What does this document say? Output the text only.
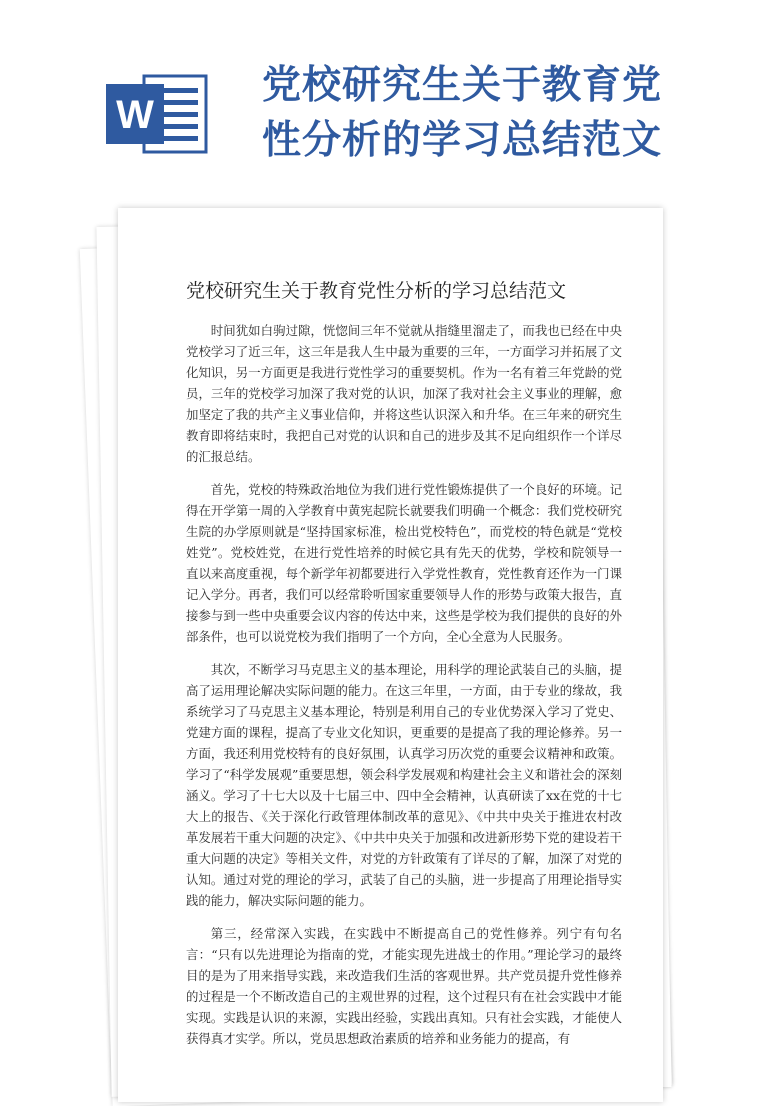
W
党校研究生关于教育党
性分析的学习总结范文
党校研究生关于教育党性分析的学习总结范文

时间犹如白驹过隙，恍惚间三年不觉就从指缝里溜走了，而我也已经在中央党校学习了近三年，这三年是我人生中最为重要的三年，一方面学习并拓展了文化知识，另一方面更是我进行党性学习的重要契机。作为一名有着三年党龄的党员，三年的党校学习加深了我对党的认识，加深了我对社会主义事业的理解，愈加坚定了我的共产主义事业信仰，并将这些认识深入和升华。在三年来的研究生教育即将结束时，我把自己对党的认识和自己的进步及其不足向组织作一个详尽的汇报总结。

首先，党校的特殊政治地位为我们进行党性锻炼提供了一个良好的环境。记得在开学第一周的入学教育中黄宪起院长就要我们明确一个概念：我们党校研究生院的办学原则就是“坚持国家标准，检出党校特色”，而党校的特色就是“党校姓党”。党校姓党，在进行党性培养的时候它具有先天的优势，学校和院领导一直以来高度重视，每个新学年初都要进行入学党性教育，党性教育还作为一门课记入学分。再者，我们可以经常聆听国家重要领导人作的形势与政策大报告，直接参与到一些中央重要会议内容的传达中来，这些是学校为我们提供的良好的外部条件，也可以说党校为我们指明了一个方向，全心全意为人民服务。

其次，不断学习马克思主义的基本理论，用科学的理论武装自己的头脑，提高了运用理论解决实际问题的能力。在这三年里，一方面，由于专业的缘故，我系统学习了马克思主义基本理论，特别是利用自己的专业优势深入学习了党史、党建方面的课程，提高了专业文化知识，更重要的是提高了我的理论修养。另一方面，我还利用党校特有的良好氛围，认真学习历次党的重要会议精神和政策。学习了“科学发展观”重要思想，领会科学发展观和构建社会主义和谐社会的深刻涵义。学习了十七大以及十七届三中、四中全会精神，认真研读了xx在党的十七大上的报告、《关于深化行政管理体制改革的意见》、《中共中央关于推进农村改革发展若干重大问题的决定》、《中共中央关于加强和改进新形势下党的建设若干重大问题的决定》等相关文件，对党的方针政策有了详尽的了解，加深了对党的认知。通过对党的理论的学习，武装了自己的头脑，进一步提高了用理论指导实践的能力，解决实际问题的能力。

第三，经常深入实践，在实践中不断提高自己的党性修养。列宁有句名言：“只有以先进理论为指南的党，才能实现先进战士的作用。”理论学习的最终目的是为了用来指导实践，来改造我们生活的客观世界。共产党员提升党性修养的过程是一个不断改造自己的主观世界的过程，这个过程只有在社会实践中才能实现。实践是认识的来源，实践出经验，实践出真知。只有社会实践，才能使人获得真才实学。所以，党员思想政治素质的培养和业务能力的提高，有
